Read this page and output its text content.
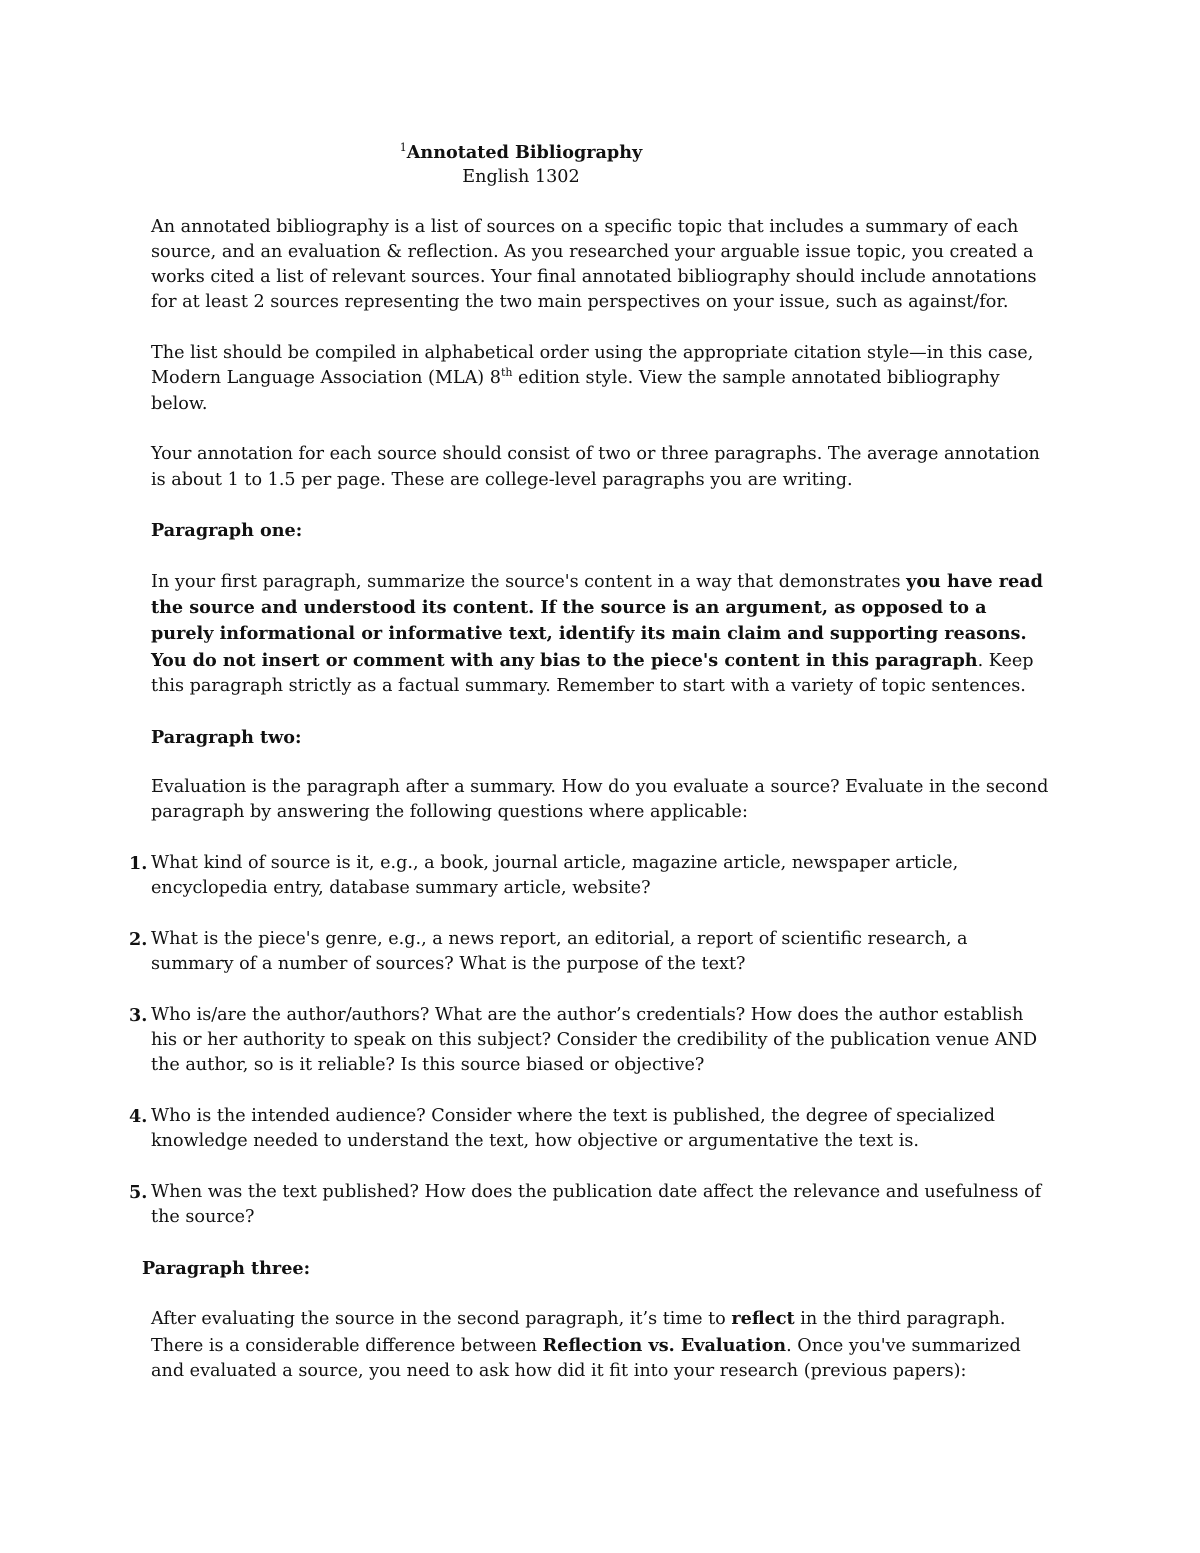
$^1$Annotated Bibliography
English 1302

An annotated bibliography is a list of sources on a specific topic that includes a summary of each source, and an evaluation & reflection. As you researched your arguable issue topic, you created a works cited a list of relevant sources. Your final annotated bibliography should include annotations for at least 2 sources representing the two main perspectives on your issue, such as against/for.

The list should be compiled in alphabetical order using the appropriate citation style—in this case, Modern Language Association (MLA) 8th edition style. View the sample annotated bibliography below.

Your annotation for each source should consist of two or three paragraphs. The average annotation is about 1 to 1.5 per page. These are college-level paragraphs you are writing.

Paragraph one:

In your first paragraph, summarize the source's content in a way that demonstrates you have read the source and understood its content. If the source is an argument, as opposed to a purely informational or informative text, identify its main claim and supporting reasons. You do not insert or comment with any bias to the piece's content in this paragraph. Keep this paragraph strictly as a factual summary. Remember to start with a variety of topic sentences.

Paragraph two:

Evaluation is the paragraph after a summary. How do you evaluate a source? Evaluate in the second paragraph by answering the following questions where applicable:

1. What kind of source is it, e.g., a book, journal article, magazine article, newspaper article, encyclopedia entry, database summary article, website?
2. What is the piece's genre, e.g., a news report, an editorial, a report of scientific research, a summary of a number of sources? What is the purpose of the text?
3. Who is/are the author/authors? What are the author’s credentials? How does the author establish his or her authority to speak on this subject? Consider the credibility of the publication venue AND the author, so is it reliable? Is this source biased or objective?
4. Who is the intended audience? Consider where the text is published, the degree of specialized knowledge needed to understand the text, how objective or argumentative the text is.
5. When was the text published? How does the publication date affect the relevance and usefulness of the source?
Paragraph three:

After evaluating the source in the second paragraph, it’s time to reflect in the third paragraph. There is a considerable difference between Reflection vs. Evaluation. Once you've summarized and evaluated a source, you need to ask how did it fit into your research (previous papers):
